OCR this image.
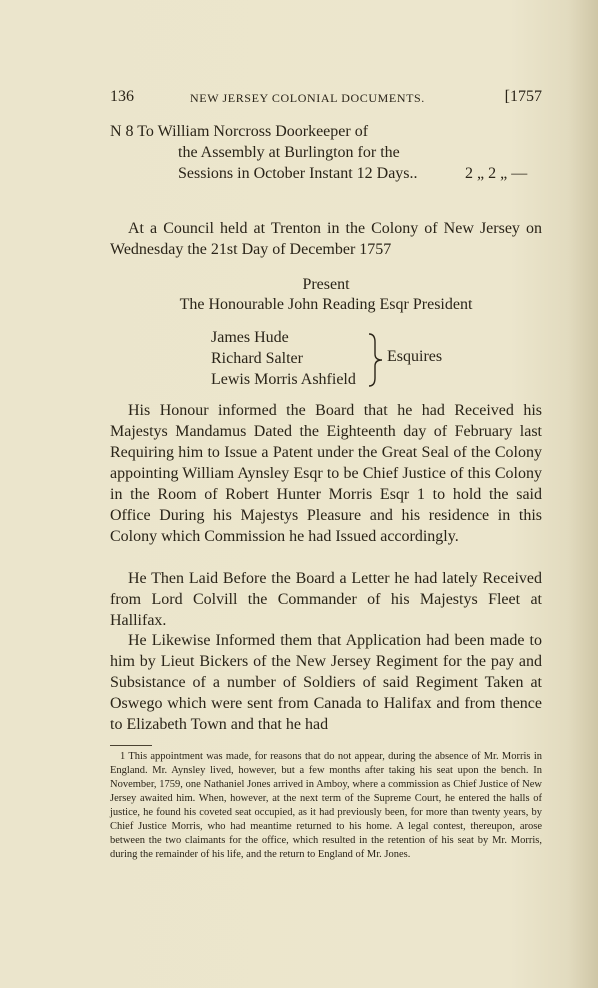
136	NEW JERSEY COLONIAL DOCUMENTS.	[1757
N 8 To William Norcross Doorkeeper of
the Assembly at Burlington for the
Sessions in October Instant 12 Days..	2 „ 2 „ —
At a Council held at Trenton in the Colony of New Jersey on Wednesday the 21st Day of December 1757
Present
The Honourable John Reading Esqr President
James Hude
Richard Salter
Lewis Morris Ashfield
Esquires
His Honour informed the Board that he had Received his Majestys Mandamus Dated the Eighteenth day of February last Requiring him to Issue a Patent under the Great Seal of the Colony appointing William Aynsley Esqr to be Chief Justice of this Colony in the Room of Robert Hunter Morris Esqr 1 to hold the said Office During his Majestys Pleasure and his residence in this Colony which Commission he had Issued accordingly.
He Then Laid Before the Board a Letter he had lately Received from Lord Colvill the Commander of his Majestys Fleet at Hallifax.
He Likewise Informed them that Application had been made to him by Lieut Bickers of the New Jersey Regiment for the pay and Subsistance of a number of Soldiers of said Regiment Taken at Oswego which were sent from Canada to Halifax and from thence to Elizabeth Town and that he had
1 This appointment was made, for reasons that do not appear, during the absence of Mr. Morris in England. Mr. Aynsley lived, however, but a few months after taking his seat upon the bench. In November, 1759, one Nathaniel Jones arrived in Amboy, where a commission as Chief Justice of New Jersey awaited him. When, however, at the next term of the Supreme Court, he entered the halls of justice, he found his coveted seat occupied, as it had previously been, for more than twenty years, by Chief Justice Morris, who had meantime returned to his home. A legal contest, thereupon, arose between the two claimants for the office, which resulted in the retention of his seat by Mr. Morris, during the remainder of his life, and the return to England of Mr. Jones.
